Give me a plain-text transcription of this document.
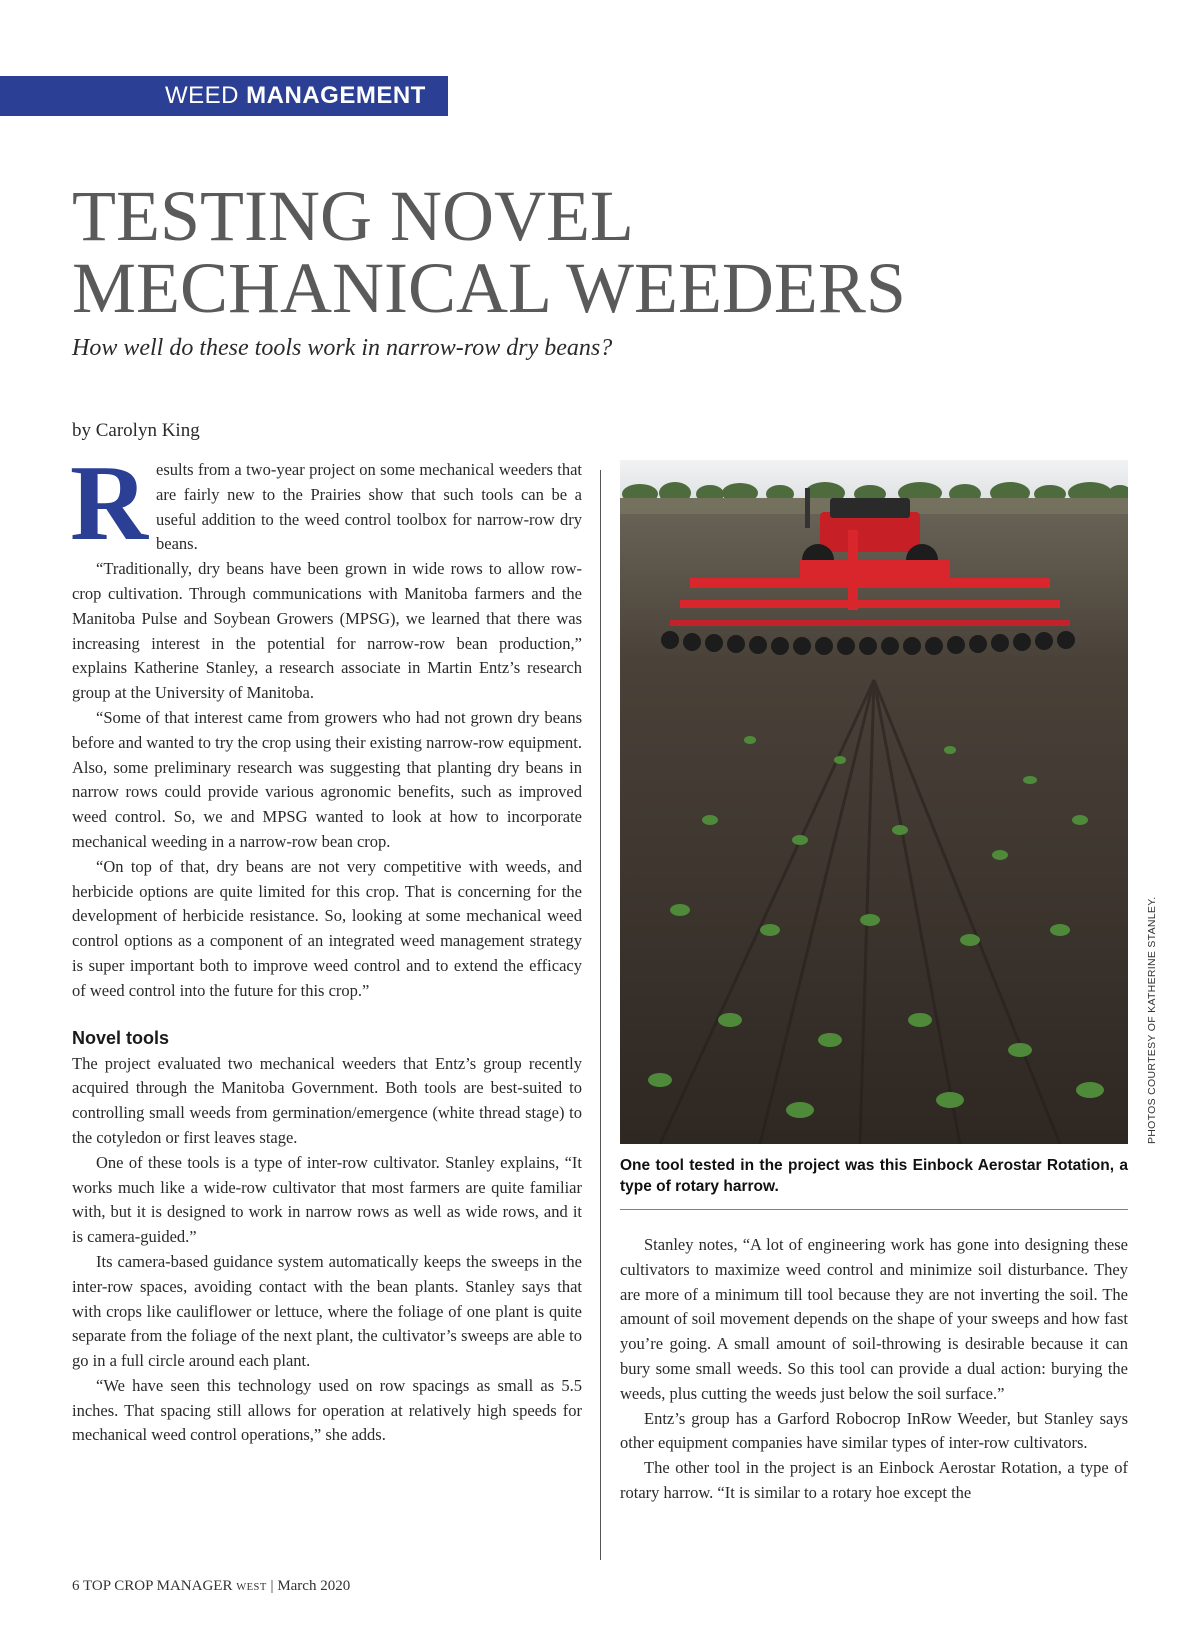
WEED MANAGEMENT
TESTING NOVEL
MECHANICAL WEEDERS

How well do these tools work in narrow-row dry beans?

by Carolyn King

Results from a two-year project on some mechanical weeders that are fairly new to the Prairies show that such tools can be a useful addition to the weed control toolbox for narrow-row dry beans.

“Traditionally, dry beans have been grown in wide rows to allow row-crop cultivation. Through communications with Manitoba farmers and the Manitoba Pulse and Soybean Growers (MPSG), we learned that there was increasing interest in the potential for narrow-row bean production,” explains Katherine Stanley, a research associate in Martin Entz’s research group at the University of Manitoba.

“Some of that interest came from growers who had not grown dry beans before and wanted to try the crop using their existing narrow-row equipment. Also, some preliminary research was suggesting that planting dry beans in narrow rows could provide various agronomic benefits, such as improved weed control. So, we and MPSG wanted to look at how to incorporate mechanical weeding in a narrow-row bean crop.

“On top of that, dry beans are not very competitive with weeds, and herbicide options are quite limited for this crop. That is concerning for the development of herbicide resistance. So, looking at some mechanical weed control options as a component of an integrated weed management strategy is super important both to improve weed control and to extend the efficacy of weed control into the future for this crop.”

Novel tools

The project evaluated two mechanical weeders that Entz’s group recently acquired through the Manitoba Government. Both tools are best-suited to controlling small weeds from germination/emergence (white thread stage) to the cotyledon or first leaves stage.

One of these tools is a type of inter-row cultivator. Stanley explains, “It works much like a wide-row cultivator that most farmers are quite familiar with, but it is designed to work in narrow rows as well as wide rows, and it is camera-guided.”

Its camera-based guidance system automatically keeps the sweeps in the inter-row spaces, avoiding contact with the bean plants. Stanley says that with crops like cauliflower or lettuce, where the foliage of one plant is quite separate from the foliage of the next plant, the cultivator’s sweeps are able to go in a full circle around each plant.

“We have seen this technology used on row spacings as small as 5.5 inches. That spacing still allows for operation at relatively high speeds for mechanical weed control operations,” she adds.

PHOTOS COURTESY OF KATHERINE STANLEY.

One tool tested in the project was this Einbock Aerostar Rotation, a type of rotary harrow.

Stanley notes, “A lot of engineering work has gone into designing these cultivators to maximize weed control and minimize soil disturbance. They are more of a minimum till tool because they are not inverting the soil. The amount of soil movement depends on the shape of your sweeps and how fast you’re going. A small amount of soil-throwing is desirable because it can bury some small weeds. So this tool can provide a dual action: burying the weeds, plus cutting the weeds just below the soil surface.”

Entz’s group has a Garford Robocrop InRow Weeder, but Stanley says other equipment companies have similar types of inter-row cultivators.

The other tool in the project is an Einbock Aerostar Rotation, a type of rotary harrow. “It is similar to a rotary hoe except the

6 TOP CROP MANAGER WEST | March 2020
